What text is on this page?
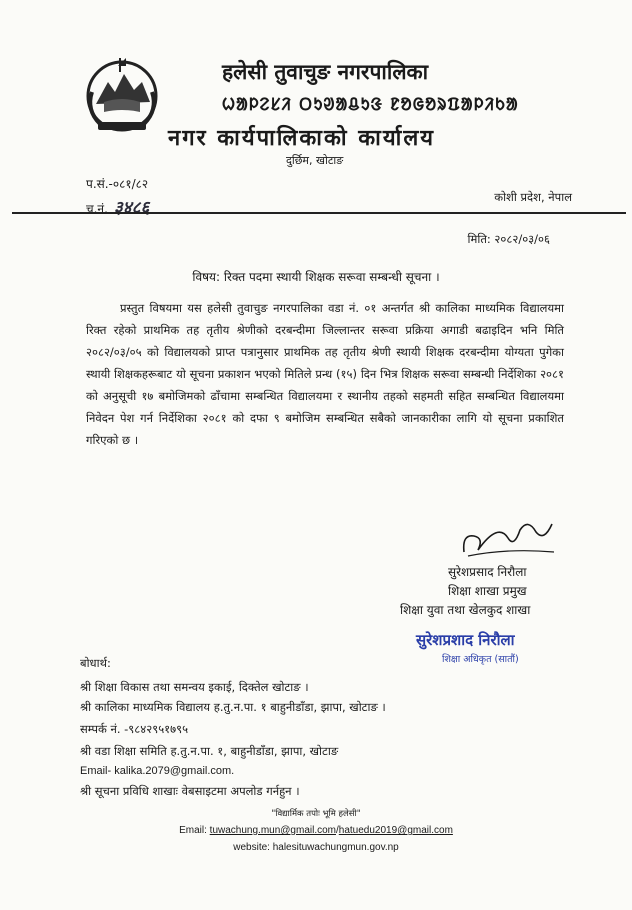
हलेसी तुवाचुङ नगरपालिका
ᱦᱟᱞᱮᱥᱤ ᱛᱩᱣᱟᱪᱩᱝ ᱱᱚᱜᱚᱨᱯᱟᱞᱤᱠᱟ
नगर कार्यपालिकाको कार्यालय
दुर्छिम, खोटाङ
प.सं.-०८१/८२
च.नं. ३४८६
कोशी प्रदेश, नेपाल
मिति: २०८२/०३/०६
विषय: रिक्त पदमा स्थायी शिक्षक सरूवा सम्बन्धी सूचना ।
प्रस्तुत विषयमा यस हलेसी तुवाचुङ नगरपालिका वडा नं. ०१ अन्तर्गत श्री कालिका माध्यमिक विद्यालयमा रिक्त रहेको प्राथमिक तह तृतीय श्रेणीको दरबन्दीमा जिल्लान्तर सरूवा प्रक्रिया अगाडी बढाइदिन भनि मिति २०८२/०३/०५ को विद्यालयको प्राप्त पत्रानुसार प्राथमिक तह तृतीय श्रेणी स्थायी शिक्षक दरबन्दीमा योग्यता पुगेका स्थायी शिक्षकहरूबाट यो सूचना प्रकाशन भएको मितिले प्रन्ध (१५) दिन भित्र शिक्षक सरूवा सम्बन्धी निर्देशिका २०८१ को अनुसूची १७ बमोजिमको ढाँचामा सम्बन्धित विद्यालयमा र स्थानीय तहको सहमती सहित सम्बन्धित विद्यालयमा निवेदन पेश गर्न निर्देशिका २०८१ को दफा ९ बमोजिम सम्बन्धित सबैको जानकारीका लागि यो सूचना प्रकाशित गरिएको छ ।
सुरेशप्रसाद निरौला
शिक्षा शाखा प्रमुख
शिक्षा युवा तथा खेलकुद शाखा
सुरेशप्रशाद निरौला
शिक्षा अधिकृत (सातौं)
बोधार्थ:
श्री शिक्षा विकास तथा समन्वय इकाई, दिक्तेल खोटाङ ।
श्री कालिका माध्यमिक विद्यालय ह.तु.न.पा. १ बाहुनीडाँडा, झापा, खोटाङ ।
सम्पर्क नं. -९८४२९५१७९५
श्री वडा शिक्षा समिति ह.तु.न.पा. १, बाहुनीडाँडा, झापा, खोटाङ
Email- kalika.2079@gmail.com.
श्री सूचना प्रविधि शाखाः वेबसाइटमा अपलोड गर्नहुन ।
"विद्यार्मिक तपोः भूमि हलेसी"
Email: tuwachung.mun@gmail.com/hatuedu2019@gmail.com
website: halesituwachungmun.gov.np
